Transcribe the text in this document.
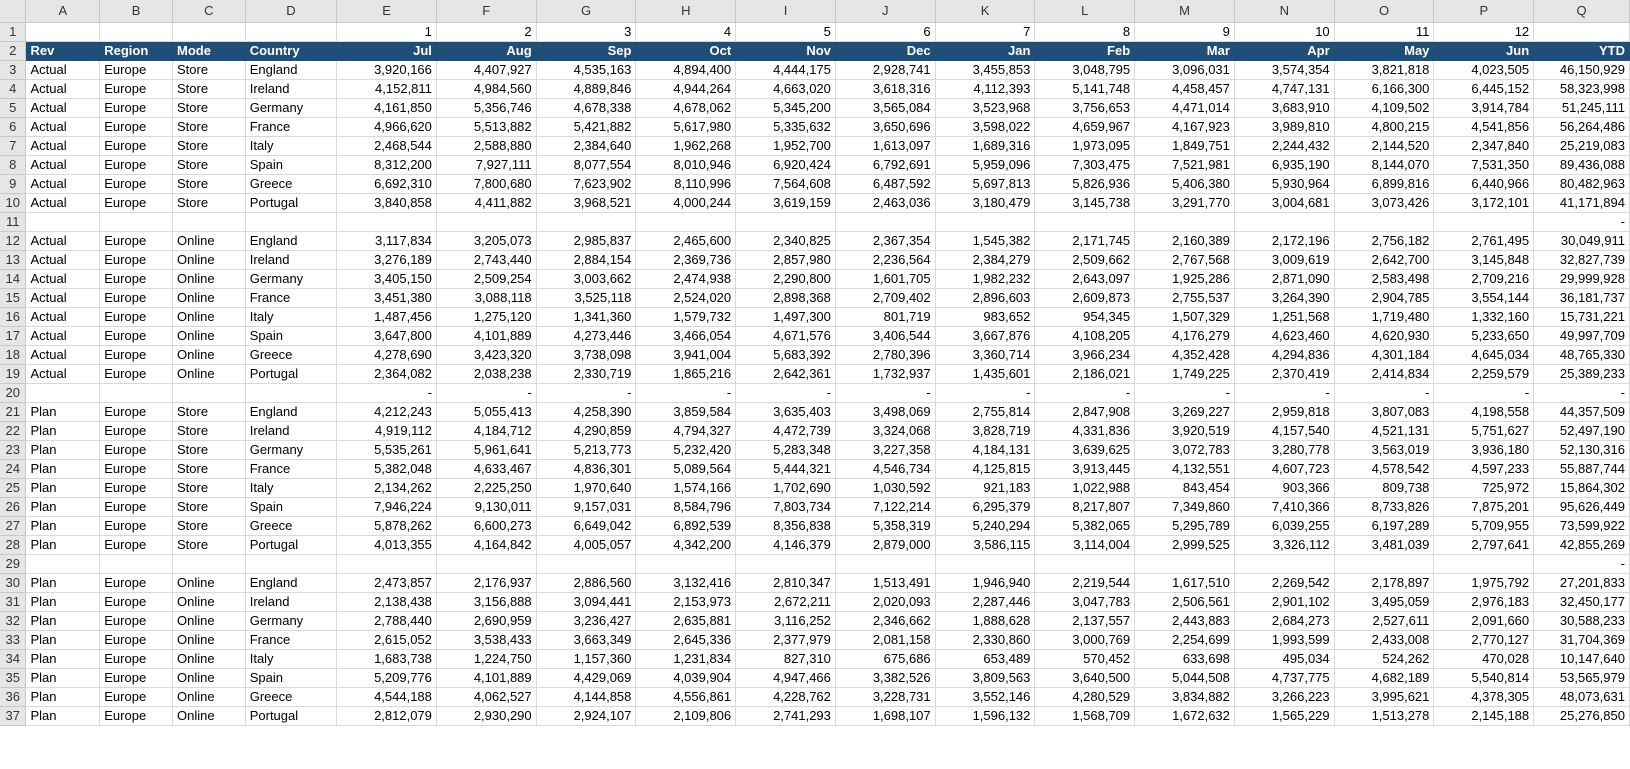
	A	B	C	D	E	F	G	H	I	J	K	L	M	N	O	P	Q
1					1	2	3	4	5	6	7	8	9	10	11	12	
2	Rev	Region	Mode	Country	Jul	Aug	Sep	Oct	Nov	Dec	Jan	Feb	Mar	Apr	May	Jun	YTD
3	Actual	Europe	Store	England	3,920,166	4,407,927	4,535,163	4,894,400	4,444,175	2,928,741	3,455,853	3,048,795	3,096,031	3,574,354	3,821,818	4,023,505	46,150,929
4	Actual	Europe	Store	Ireland	4,152,811	4,984,560	4,889,846	4,944,264	4,663,020	3,618,316	4,112,393	5,141,748	4,458,457	4,747,131	6,166,300	6,445,152	58,323,998
5	Actual	Europe	Store	Germany	4,161,850	5,356,746	4,678,338	4,678,062	5,345,200	3,565,084	3,523,968	3,756,653	4,471,014	3,683,910	4,109,502	3,914,784	51,245,111
6	Actual	Europe	Store	France	4,966,620	5,513,882	5,421,882	5,617,980	5,335,632	3,650,696	3,598,022	4,659,967	4,167,923	3,989,810	4,800,215	4,541,856	56,264,486
7	Actual	Europe	Store	Italy	2,468,544	2,588,880	2,384,640	1,962,268	1,952,700	1,613,097	1,689,316	1,973,095	1,849,751	2,244,432	2,144,520	2,347,840	25,219,083
8	Actual	Europe	Store	Spain	8,312,200	7,927,111	8,077,554	8,010,946	6,920,424	6,792,691	5,959,096	7,303,475	7,521,981	6,935,190	8,144,070	7,531,350	89,436,088
9	Actual	Europe	Store	Greece	6,692,310	7,800,680	7,623,902	8,110,996	7,564,608	6,487,592	5,697,813	5,826,936	5,406,380	5,930,964	6,899,816	6,440,966	80,482,963
10	Actual	Europe	Store	Portugal	3,840,858	4,411,882	3,968,521	4,000,244	3,619,159	2,463,036	3,180,479	3,145,738	3,291,770	3,004,681	3,073,426	3,172,101	41,171,894
11																	-
12	Actual	Europe	Online	England	3,117,834	3,205,073	2,985,837	2,465,600	2,340,825	2,367,354	1,545,382	2,171,745	2,160,389	2,172,196	2,756,182	2,761,495	30,049,911
13	Actual	Europe	Online	Ireland	3,276,189	2,743,440	2,884,154	2,369,736	2,857,980	2,236,564	2,384,279	2,509,662	2,767,568	3,009,619	2,642,700	3,145,848	32,827,739
14	Actual	Europe	Online	Germany	3,405,150	2,509,254	3,003,662	2,474,938	2,290,800	1,601,705	1,982,232	2,643,097	1,925,286	2,871,090	2,583,498	2,709,216	29,999,928
15	Actual	Europe	Online	France	3,451,380	3,088,118	3,525,118	2,524,020	2,898,368	2,709,402	2,896,603	2,609,873	2,755,537	3,264,390	2,904,785	3,554,144	36,181,737
16	Actual	Europe	Online	Italy	1,487,456	1,275,120	1,341,360	1,579,732	1,497,300	801,719	983,652	954,345	1,507,329	1,251,568	1,719,480	1,332,160	15,731,221
17	Actual	Europe	Online	Spain	3,647,800	4,101,889	4,273,446	3,466,054	4,671,576	3,406,544	3,667,876	4,108,205	4,176,279	4,623,460	4,620,930	5,233,650	49,997,709
18	Actual	Europe	Online	Greece	4,278,690	3,423,320	3,738,098	3,941,004	5,683,392	2,780,396	3,360,714	3,966,234	4,352,428	4,294,836	4,301,184	4,645,034	48,765,330
19	Actual	Europe	Online	Portugal	2,364,082	2,038,238	2,330,719	1,865,216	2,642,361	1,732,937	1,435,601	2,186,021	1,749,225	2,370,419	2,414,834	2,259,579	25,389,233
20					-	-	-	-	-	-	-	-	-	-	-	-	-
21	Plan	Europe	Store	England	4,212,243	5,055,413	4,258,390	3,859,584	3,635,403	3,498,069	2,755,814	2,847,908	3,269,227	2,959,818	3,807,083	4,198,558	44,357,509
22	Plan	Europe	Store	Ireland	4,919,112	4,184,712	4,290,859	4,794,327	4,472,739	3,324,068	3,828,719	4,331,836	3,920,519	4,157,540	4,521,131	5,751,627	52,497,190
23	Plan	Europe	Store	Germany	5,535,261	5,961,641	5,213,773	5,232,420	5,283,348	3,227,358	4,184,131	3,639,625	3,072,783	3,280,778	3,563,019	3,936,180	52,130,316
24	Plan	Europe	Store	France	5,382,048	4,633,467	4,836,301	5,089,564	5,444,321	4,546,734	4,125,815	3,913,445	4,132,551	4,607,723	4,578,542	4,597,233	55,887,744
25	Plan	Europe	Store	Italy	2,134,262	2,225,250	1,970,640	1,574,166	1,702,690	1,030,592	921,183	1,022,988	843,454	903,366	809,738	725,972	15,864,302
26	Plan	Europe	Store	Spain	7,946,224	9,130,011	9,157,031	8,584,796	7,803,734	7,122,214	6,295,379	8,217,807	7,349,860	7,410,366	8,733,826	7,875,201	95,626,449
27	Plan	Europe	Store	Greece	5,878,262	6,600,273	6,649,042	6,892,539	8,356,838	5,358,319	5,240,294	5,382,065	5,295,789	6,039,255	6,197,289	5,709,955	73,599,922
28	Plan	Europe	Store	Portugal	4,013,355	4,164,842	4,005,057	4,342,200	4,146,379	2,879,000	3,586,115	3,114,004	2,999,525	3,326,112	3,481,039	2,797,641	42,855,269
29																	-
30	Plan	Europe	Online	England	2,473,857	2,176,937	2,886,560	3,132,416	2,810,347	1,513,491	1,946,940	2,219,544	1,617,510	2,269,542	2,178,897	1,975,792	27,201,833
31	Plan	Europe	Online	Ireland	2,138,438	3,156,888	3,094,441	2,153,973	2,672,211	2,020,093	2,287,446	3,047,783	2,506,561	2,901,102	3,495,059	2,976,183	32,450,177
32	Plan	Europe	Online	Germany	2,788,440	2,690,959	3,236,427	2,635,881	3,116,252	2,346,662	1,888,628	2,137,557	2,443,883	2,684,273	2,527,611	2,091,660	30,588,233
33	Plan	Europe	Online	France	2,615,052	3,538,433	3,663,349	2,645,336	2,377,979	2,081,158	2,330,860	3,000,769	2,254,699	1,993,599	2,433,008	2,770,127	31,704,369
34	Plan	Europe	Online	Italy	1,683,738	1,224,750	1,157,360	1,231,834	827,310	675,686	653,489	570,452	633,698	495,034	524,262	470,028	10,147,640
35	Plan	Europe	Online	Spain	5,209,776	4,101,889	4,429,069	4,039,904	4,947,466	3,382,526	3,809,563	3,640,500	5,044,508	4,737,775	4,682,189	5,540,814	53,565,979
36	Plan	Europe	Online	Greece	4,544,188	4,062,527	4,144,858	4,556,861	4,228,762	3,228,731	3,552,146	4,280,529	3,834,882	3,266,223	3,995,621	4,378,305	48,073,631
37	Plan	Europe	Online	Portugal	2,812,079	2,930,290	2,924,107	2,109,806	2,741,293	1,698,107	1,596,132	1,568,709	1,672,632	1,565,229	1,513,278	2,145,188	25,276,850
